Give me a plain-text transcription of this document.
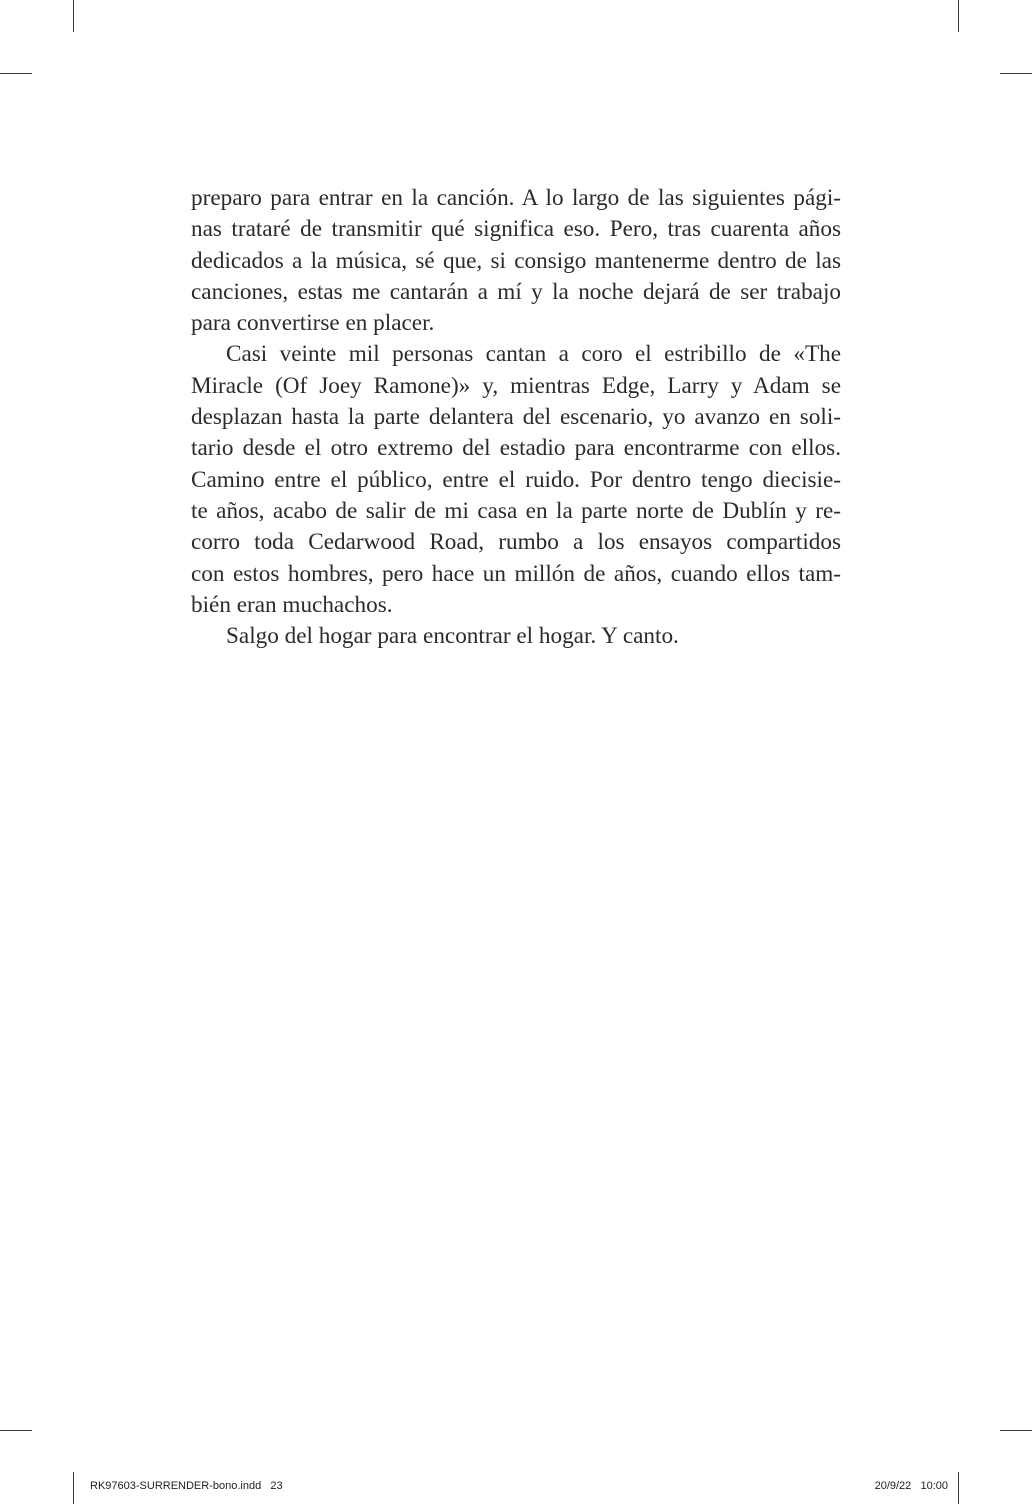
preparo para entrar en la canción. A lo largo de las siguientes pági-
nas trataré de transmitir qué significa eso. Pero, tras cuarenta años
dedicados a la música, sé que, si consigo mantenerme dentro de las
canciones, estas me cantarán a mí y la noche dejará de ser trabajo
para convertirse en placer.

Casi veinte mil personas cantan a coro el estribillo de «The
Miracle (Of Joey Ramone)» y, mientras Edge, Larry y Adam se
desplazan hasta la parte delantera del escenario, yo avanzo en soli-
tario desde el otro extremo del estadio para encontrarme con ellos.
Camino entre el público, entre el ruido. Por dentro tengo diecisie-
te años, acabo de salir de mi casa en la parte norte de Dublín y re-
corro toda Cedarwood Road, rumbo a los ensayos compartidos
con estos hombres, pero hace un millón de años, cuando ellos tam-
bién eran muchachos.

Salgo del hogar para encontrar el hogar. Y canto.

RK97603-SURRENDER-bono.indd   23	20/9/22   10:00
